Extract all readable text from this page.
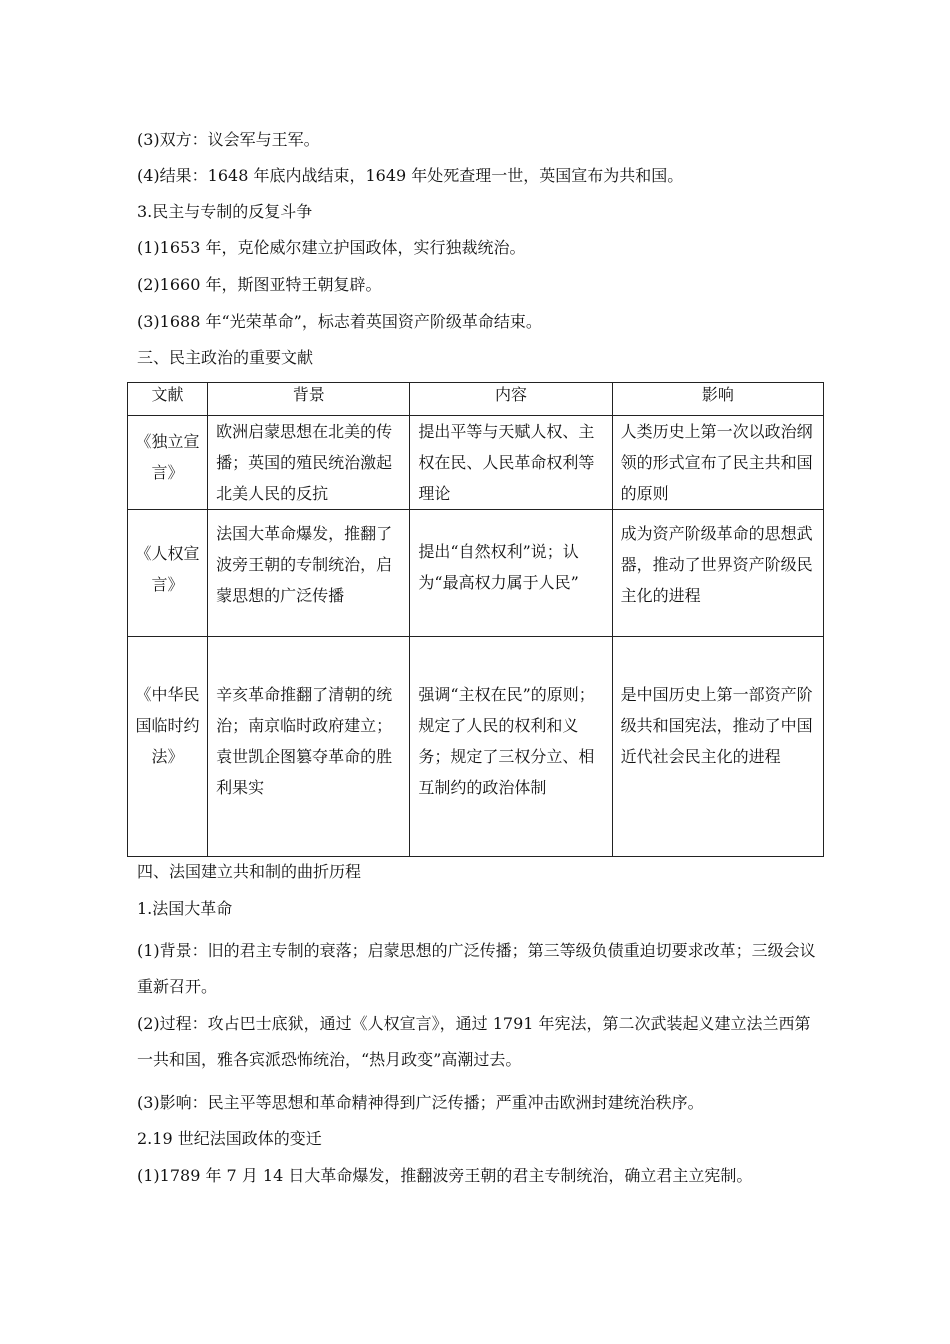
(3)双方：议会军与王军。
(4)结果：1648 年底内战结束，1649 年处死查理一世，英国宣布为共和国。
3.民主与专制的反复斗争
(1)1653 年，克伦威尔建立护国政体，实行独裁统治。
(2)1660 年，斯图亚特王朝复辟。
(3)1688 年“光荣革命”，标志着英国资产阶级革命结束。
三、民主政治的重要文献
文献	背景	内容	影响
《独立宣言》	欧洲启蒙思想在北美的传播；英国的殖民统治激起北美人民的反抗	提出平等与天赋人权、主权在民、人民革命权利等理论	人类历史上第一次以政治纲领的形式宣布了民主共和国的原则
《人权宣言》	法国大革命爆发，推翻了波旁王朝的专制统治，启蒙思想的广泛传播	提出“自然权利”说；认为“最高权力属于人民”	成为资产阶级革命的思想武器，推动了世界资产阶级民主化的进程
《中华民国临时约法》	辛亥革命推翻了清朝的统治；南京临时政府建立；袁世凯企图篡夺革命的胜利果实	强调“主权在民”的原则；规定了人民的权利和义务；规定了三权分立、相互制约的政治体制	是中国历史上第一部资产阶级共和国宪法，推动了中国近代社会民主化的进程
四、法国建立共和制的曲折历程
1.法国大革命
(1)背景：旧的君主专制的衰落；启蒙思想的广泛传播；第三等级负债重迫切要求改革；三级会议重新召开。
(2)过程：攻占巴士底狱，通过《人权宣言》，通过 1791 年宪法，第二次武装起义建立法兰西第一共和国，雅各宾派恐怖统治，“热月政变”高潮过去。
(3)影响：民主平等思想和革命精神得到广泛传播；严重冲击欧洲封建统治秩序。
2.19 世纪法国政体的变迁
(1)1789 年 7 月 14 日大革命爆发，推翻波旁王朝的君主专制统治，确立君主立宪制。
